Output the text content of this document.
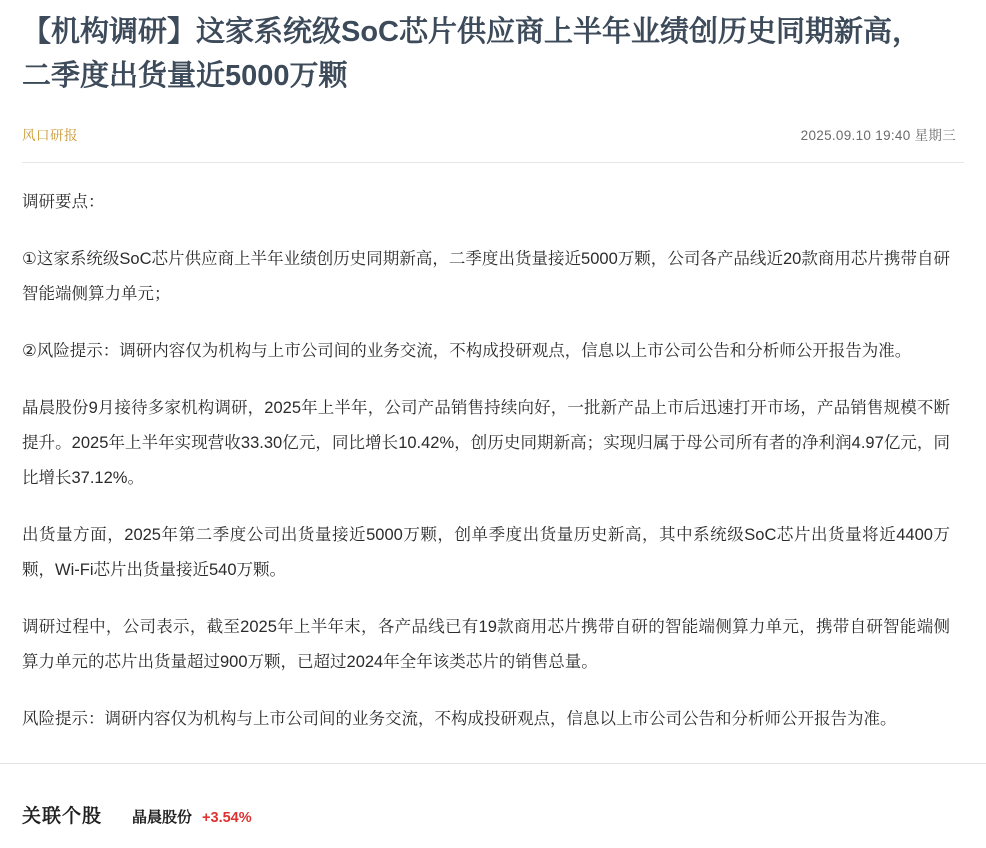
【机构调研】这家系统级SoC芯片供应商上半年业绩创历史同期新高，二季度出货量近5000万颗
风口研报	2025.09.10 19:40 星期三

调研要点：

①这家系统级SoC芯片供应商上半年业绩创历史同期新高，二季度出货量接近5000万颗，公司各产品线近20款商用芯片携带自研智能端侧算力单元；

②风险提示：调研内容仅为机构与上市公司间的业务交流，不构成投研观点，信息以上市公司公告和分析师公开报告为准。

晶晨股份9月接待多家机构调研，2025年上半年，公司产品销售持续向好，一批新产品上市后迅速打开市场，产品销售规模不断提升。2025年上半年实现营收33.30亿元，同比增长10.42%，创历史同期新高；实现归属于母公司所有者的净利润4.97亿元，同比增长37.12%。

出货量方面，2025年第二季度公司出货量接近5000万颗，创单季度出货量历史新高，其中系统级SoC芯片出货量将近4400万颗，Wi-Fi芯片出货量接近540万颗。

调研过程中，公司表示，截至2025年上半年末，各产品线已有19款商用芯片携带自研的智能端侧算力单元，携带自研智能端侧算力单元的芯片出货量超过900万颗，已超过2024年全年该类芯片的销售总量。

风险提示：调研内容仅为机构与上市公司间的业务交流，不构成投研观点，信息以上市公司公告和分析师公开报告为准。

关联个股 晶晨股份 +3.54%
